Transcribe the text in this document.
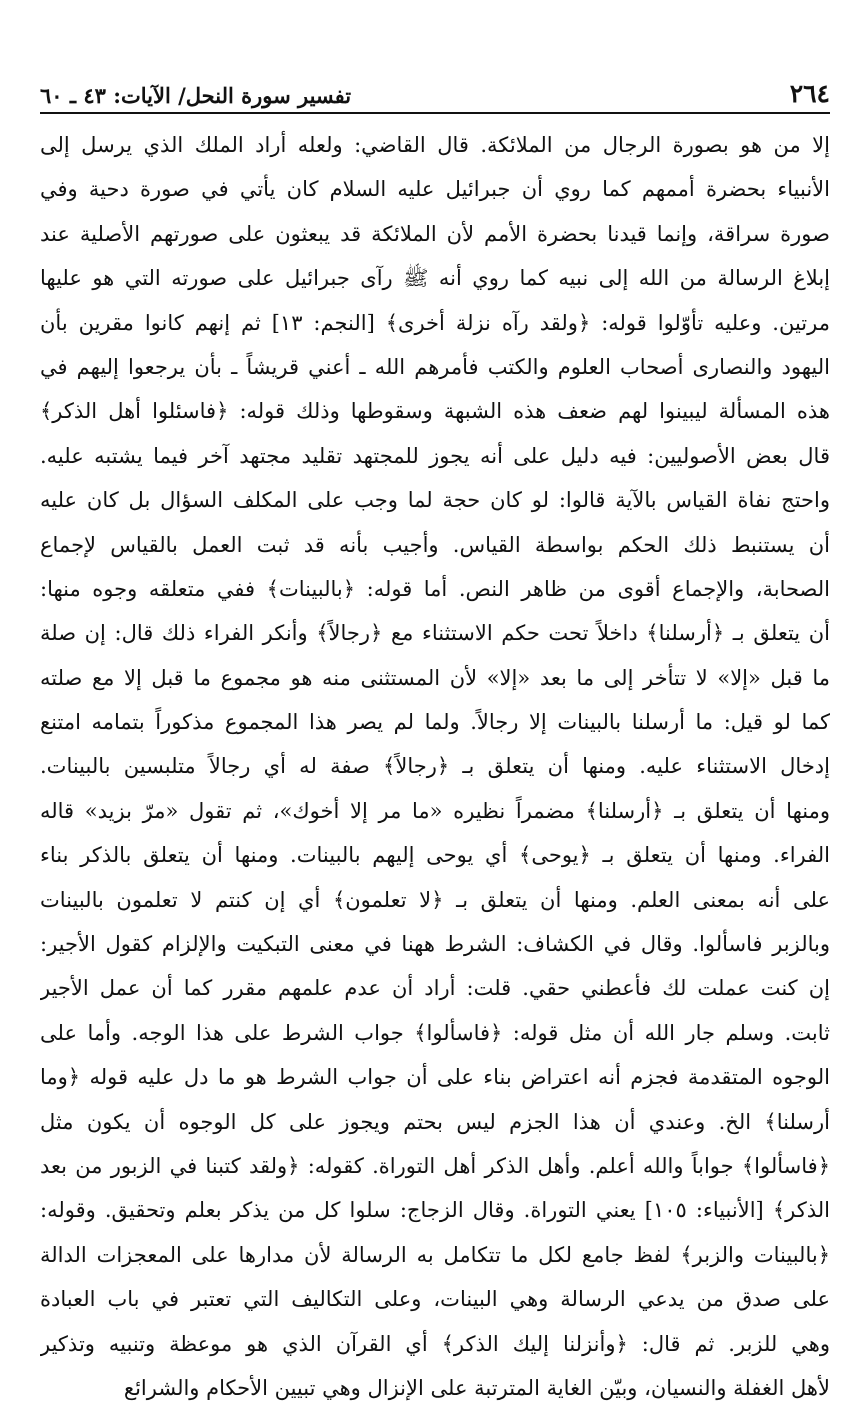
٢٦٤
تفسير سورة النحل/ الآيات: ٤٣ ـ ٦٠
إلا من هو بصورة الرجال من الملائكة. قال القاضي: ولعله أراد الملك الذي يرسل إلى
الأنبياء بحضرة أممهم كما روي أن جبرائيل عليه السلام كان يأتي في صورة دحية وفي
صورة سراقة، وإنما قيدنا بحضرة الأمم لأن الملائكة قد يبعثون على صورتهم الأصلية عند
إبلاغ الرسالة من الله إلى نبيه كما روي أنه ﷺ رآى جبرائيل على صورته التي هو عليها
مرتين. وعليه تأوّلوا قوله: ﴿ولقد رآه نزلة أخرى﴾ [النجم: ١٣] ثم إنهم كانوا مقرين بأن
اليهود والنصارى أصحاب العلوم والكتب فأمرهم الله ـ أعني قريشاً ـ بأن يرجعوا إليهم في
هذه المسألة ليبينوا لهم ضعف هذه الشبهة وسقوطها وذلك قوله: ﴿فاسئلوا أهل الذكر﴾
قال بعض الأصوليين: فيه دليل على أنه يجوز للمجتهد تقليد مجتهد آخر فيما يشتبه عليه.
واحتج نفاة القياس بالآية قالوا: لو كان حجة لما وجب على المكلف السؤال بل كان عليه
أن يستنبط ذلك الحكم بواسطة القياس. وأجيب بأنه قد ثبت العمل بالقياس لإجماع
الصحابة، والإجماع أقوى من ظاهر النص. أما قوله: ﴿بالبينات﴾ ففي متعلقه وجوه منها:
أن يتعلق بـ ﴿أرسلنا﴾ داخلاً تحت حكم الاستثناء مع ﴿رجالاً﴾ وأنكر الفراء ذلك قال: إن صلة
ما قبل «إلا» لا تتأخر إلى ما بعد «إلا» لأن المستثنى منه هو مجموع ما قبل إلا مع صلته
كما لو قيل: ما أرسلنا بالبينات إلا رجالاً. ولما لم يصر هذا المجموع مذكوراً بتمامه امتنع
إدخال الاستثناء عليه. ومنها أن يتعلق بـ ﴿رجالاً﴾ صفة له أي رجالاً متلبسين بالبينات.
ومنها أن يتعلق بـ ﴿أرسلنا﴾ مضمراً نظيره «ما مر إلا أخوك»، ثم تقول «مرّ بزيد» قاله
الفراء. ومنها أن يتعلق بـ ﴿يوحى﴾ أي يوحى إليهم بالبينات. ومنها أن يتعلق بالذكر بناء
على أنه بمعنى العلم. ومنها أن يتعلق بـ ﴿لا تعلمون﴾ أي إن كنتم لا تعلمون بالبينات
وبالزبر فاسألوا. وقال في الكشاف: الشرط ههنا في معنى التبكيت والإلزام كقول الأجير:
إن كنت عملت لك فأعطني حقي. قلت: أراد أن عدم علمهم مقرر كما أن عمل الأجير
ثابت. وسلم جار الله أن مثل قوله: ﴿فاسألوا﴾ جواب الشرط على هذا الوجه. وأما على
الوجوه المتقدمة فجزم أنه اعتراض بناء على أن جواب الشرط هو ما دل عليه قوله ﴿وما
أرسلنا﴾ الخ. وعندي أن هذا الجزم ليس بحتم ويجوز على كل الوجوه أن يكون مثل
﴿فاسألوا﴾ جواباً والله أعلم. وأهل الذكر أهل التوراة. كقوله: ﴿ولقد كتبنا في الزبور من بعد
الذكر﴾ [الأنبياء: ١٠٥] يعني التوراة. وقال الزجاج: سلوا كل من يذكر بعلم وتحقيق. وقوله:
﴿بالبينات والزبر﴾ لفظ جامع لكل ما تتكامل به الرسالة لأن مدارها على المعجزات الدالة
على صدق من يدعي الرسالة وهي البينات، وعلى التكاليف التي تعتبر في باب العبادة
وهي للزبر. ثم قال: ﴿وأنزلنا إليك الذكر﴾ أي القرآن الذي هو موعظة وتنبيه وتذكير
لأهل الغفلة والنسيان، وبيّن الغاية المترتبة على الإنزال وهي تبيين الأحكام والشرائع
